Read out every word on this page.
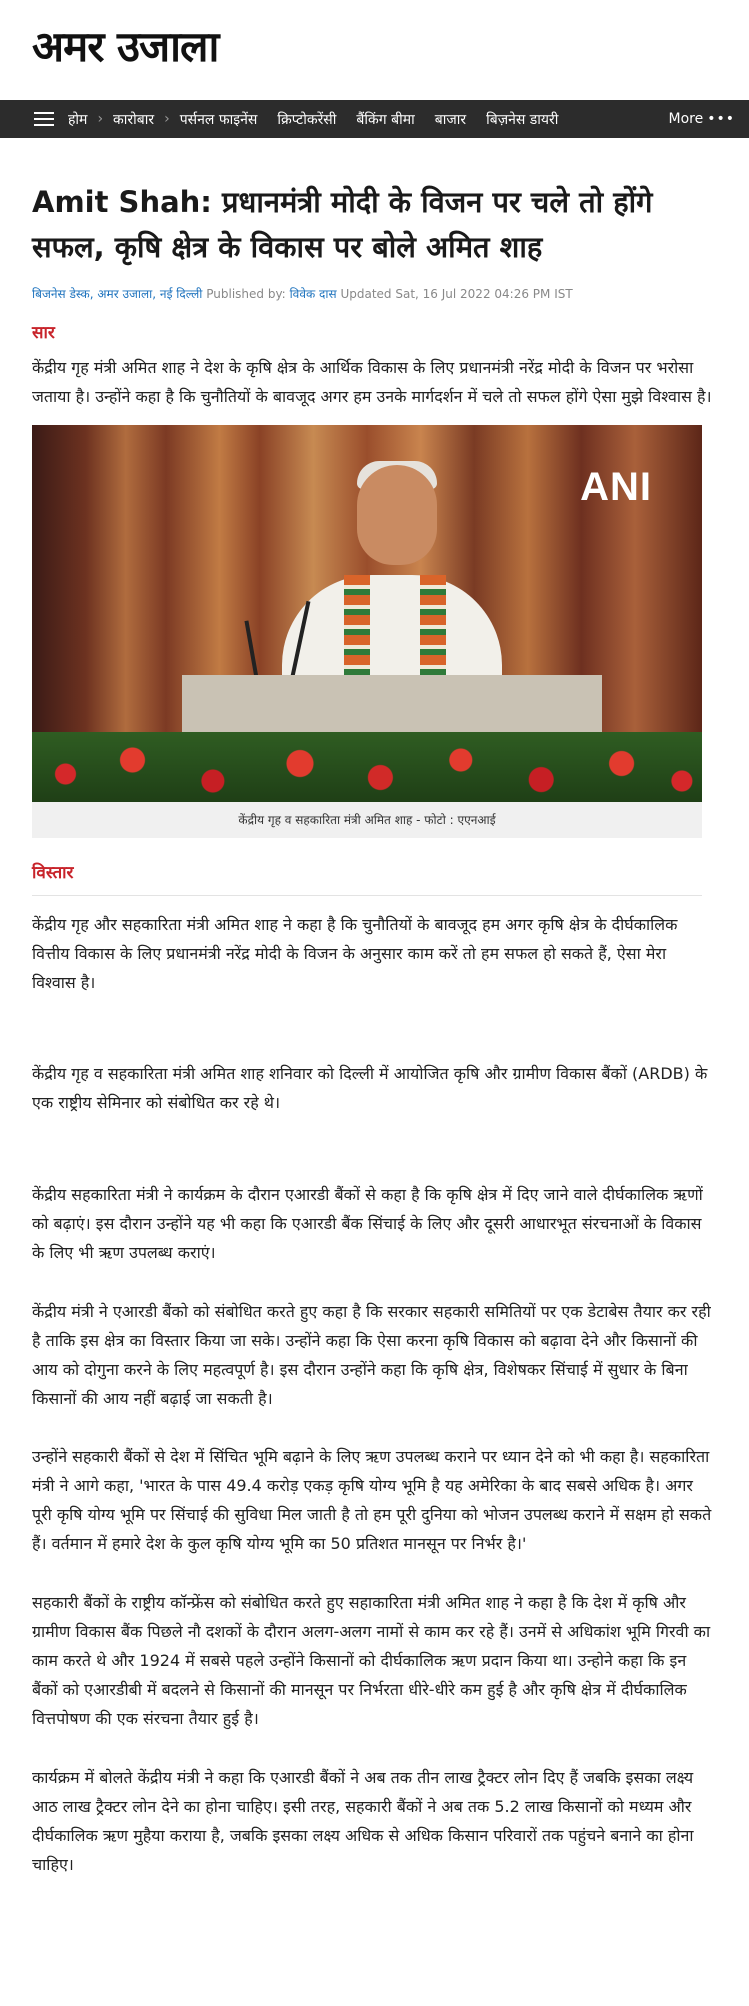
अमर उजाला
होम › कारोबार › पर्सनल फाइनेंस क्रिप्टोकरेंसी बैंकिंग बीमा बाजार बिज़नेस डायरी	More •••
Amit Shah: प्रधानमंत्री मोदी के विजन पर चले तो होंगे सफल, कृषि क्षेत्र के विकास पर बोले अमित शाह
बिजनेस डेस्क, अमर उजाला, नई दिल्ली Published by: विवेक दास Updated Sat, 16 Jul 2022 04:26 PM IST
सार

केंद्रीय गृह मंत्री अमित शाह ने देश के कृषि क्षेत्र के आर्थिक विकास के लिए प्रधानमंत्री नरेंद्र मोदी के विजन पर भरोसा जताया है। उन्होंने कहा है कि चुनौतियों के बावजूद अगर हम उनके मार्गदर्शन में चले तो सफल होंगे ऐसा मुझे विश्वास है।

ANI
केंद्रीय गृह व सहकारिता मंत्री अमित शाह - फोटो : एएनआई
विस्तार

केंद्रीय गृह और सहकारिता मंत्री अमित शाह ने कहा है कि चुनौतियों के बावजूद हम अगर कृषि क्षेत्र के दीर्घकालिक वित्तीय विकास के लिए प्रधानमंत्री नरेंद्र मोदी के विजन के अनुसार काम करें तो हम सफल हो सकते हैं, ऐसा मेरा विश्वास है।

केंद्रीय गृह व सहकारिता मंत्री अमित शाह शनिवार को दिल्ली में आयोजित कृषि और ग्रामीण विकास बैंकों (ARDB) के एक राष्ट्रीय सेमिनार को संबोधित कर रहे थे।

केंद्रीय सहकारिता मंत्री ने कार्यक्रम के दौरान एआरडी बैंकों से कहा है कि कृषि क्षेत्र में दिए जाने वाले दीर्घकालिक ऋणों को बढ़ाएं। इस दौरान उन्होंने यह भी कहा कि एआरडी बैंक सिंचाई के लिए और दूसरी आधारभूत संरचनाओं के विकास के लिए भी ऋण उपलब्ध कराएं।

केंद्रीय मंत्री ने एआरडी बैंको को संबोधित करते हुए कहा है कि सरकार सहकारी समितियों पर एक डेटाबेस तैयार कर रही है ताकि इस क्षेत्र का विस्तार किया जा सके। उन्होंने कहा कि ऐसा करना कृषि विकास को बढ़ावा देने और किसानों की आय को दोगुना करने के लिए महत्वपूर्ण है। इस दौरान उन्होंने कहा कि कृषि क्षेत्र, विशेषकर सिंचाई में सुधार के बिना किसानों की आय नहीं बढ़ाई जा सकती है।

उन्होंने सहकारी बैंकों से देश में सिंचित भूमि बढ़ाने के लिए ऋण उपलब्ध कराने पर ध्यान देने को भी कहा है। सहकारिता मंत्री ने आगे कहा, 'भारत के पास 49.4 करोड़ एकड़ कृषि योग्य भूमि है यह अमेरिका के बाद सबसे अधिक है। अगर पूरी कृषि योग्य भूमि पर सिंचाई की सुविधा मिल जाती है तो हम पूरी दुनिया को भोजन उपलब्ध कराने में सक्षम हो सकते हैं। वर्तमान में हमारे देश के कुल कृषि योग्य भूमि का 50 प्रतिशत मानसून पर निर्भर है।'

सहकारी बैंकों के राष्ट्रीय कॉन्फ्रेंस को संबोधित करते हुए सहाकारिता मंत्री अमित शाह ने कहा है कि देश में कृषि और ग्रामीण विकास बैंक पिछले नौ दशकों के दौरान अलग-अलग नामों से काम कर रहे हैं। उनमें से अधिकांश भूमि गिरवी का काम करते थे और 1924 में सबसे पहले उन्होंने किसानों को दीर्घकालिक ऋण प्रदान किया था। उन्होने कहा कि इन बैंकों को एआरडीबी में बदलने से किसानों की मानसून पर निर्भरता धीरे-धीरे कम हुई है और कृषि क्षेत्र में दीर्घकालिक वित्तपोषण की एक संरचना तैयार हुई है।

कार्यक्रम में बोलते केंद्रीय मंत्री ने कहा कि एआरडी बैंकों ने अब तक तीन लाख ट्रैक्टर लोन दिए हैं जबकि इसका लक्ष्य आठ लाख ट्रैक्टर लोन देने का होना चाहिए। इसी तरह, सहकारी बैंकों ने अब तक 5.2 लाख किसानों को मध्यम और दीर्घकालिक ऋण मुहैया कराया है, जबकि इसका लक्ष्य अधिक से अधिक किसान परिवारों तक पहुंचने बनाने का होना चाहिए।
